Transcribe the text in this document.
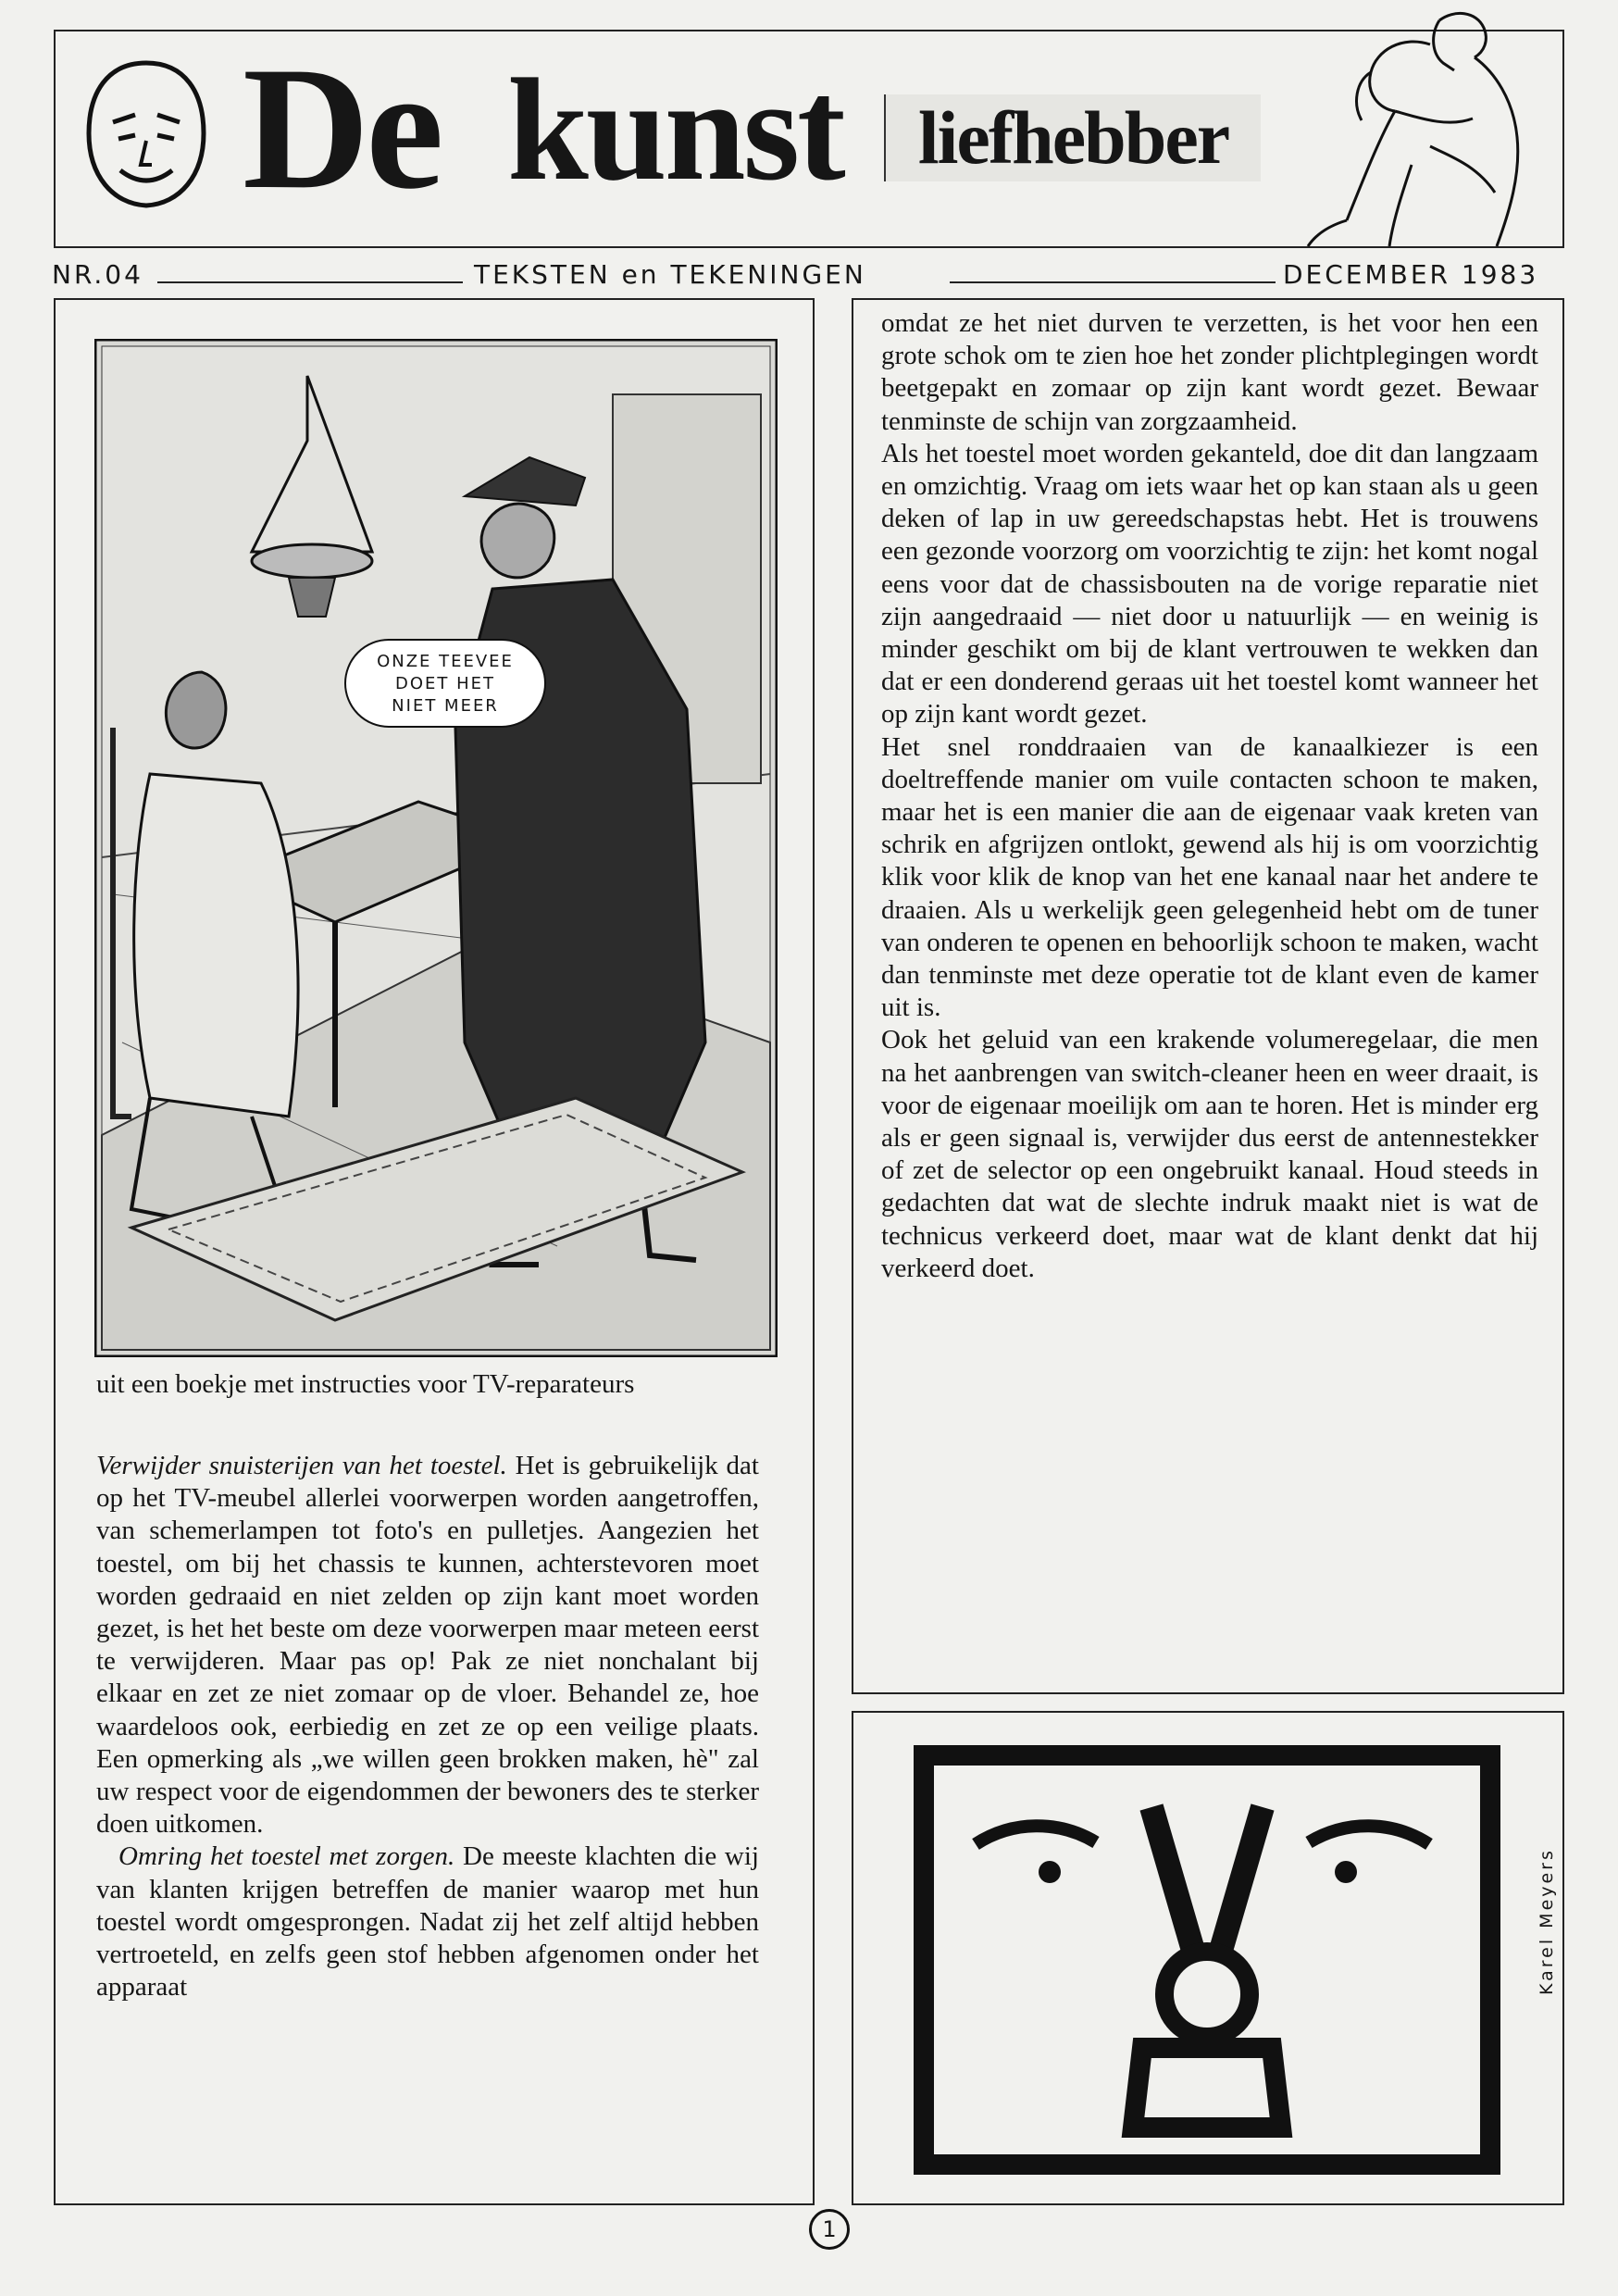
De kunst liefhebber
NR.04	TEKSTEN en TEKENINGEN	DECEMBER 1983
ONZE TEEVEE
DOET HET
NIET MEER
uit een boekje met instructies voor TV-reparateurs

Verwijder snuisterijen van het toestel. Het is gebruikelijk dat op het TV-meubel allerlei voorwerpen worden aangetroffen, van schemerlampen tot foto's en pulletjes. Aangezien het toestel, om bij het chassis te kunnen, achterstevoren moet worden gedraaid en niet zelden op zijn kant moet worden gezet, is het het beste om deze voorwerpen maar meteen eerst te verwijderen. Maar pas op! Pak ze niet nonchalant bij elkaar en zet ze niet zomaar op de vloer. Behandel ze, hoe waardeloos ook, eerbiedig en zet ze op een veilige plaats. Een opmerking als „we willen geen brokken maken, hè" zal uw respect voor de eigendommen der bewoners des te sterker doen uitkomen.

Omring het toestel met zorgen. De meeste klachten die wij van klanten krijgen betreffen de manier waarop met hun toestel wordt omgesprongen. Nadat zij het zelf altijd hebben vertroeteld, en zelfs geen stof hebben afgenomen onder het apparaat

omdat ze het niet durven te verzetten, is het voor hen een grote schok om te zien hoe het zonder plichtplegingen wordt beetgepakt en zomaar op zijn kant wordt gezet. Bewaar tenminste de schijn van zorgzaamheid.

Als het toestel moet worden gekanteld, doe dit dan langzaam en omzichtig. Vraag om iets waar het op kan staan als u geen deken of lap in uw gereedschapstas hebt. Het is trouwens een gezonde voorzorg om voorzichtig te zijn: het komt nogal eens voor dat de chassisbouten na de vorige reparatie niet zijn aangedraaid — niet door u natuurlijk — en weinig is minder geschikt om bij de klant vertrouwen te wekken dan dat er een donderend geraas uit het toestel komt wanneer het op zijn kant wordt gezet.

Het snel ronddraaien van de kanaalkiezer is een doeltreffende manier om vuile contacten schoon te maken, maar het is een manier die aan de eigenaar vaak kreten van schrik en afgrijzen ontlokt, gewend als hij is om voorzichtig klik voor klik de knop van het ene kanaal naar het andere te draaien. Als u werkelijk geen gelegenheid hebt om de tuner van onderen te openen en behoorlijk schoon te maken, wacht dan tenminste met deze operatie tot de klant even de kamer uit is.

Ook het geluid van een krakende volumeregelaar, die men na het aanbrengen van switch-cleaner heen en weer draait, is voor de eigenaar moeilijk om aan te horen. Het is minder erg als er geen signaal is, verwijder dus eerst de antennestekker of zet de selector op een ongebruikt kanaal. Houd steeds in gedachten dat wat de slechte indruk maakt niet is wat de technicus verkeerd doet, maar wat de klant denkt dat hij verkeerd doet.

Karel Meyers
1
